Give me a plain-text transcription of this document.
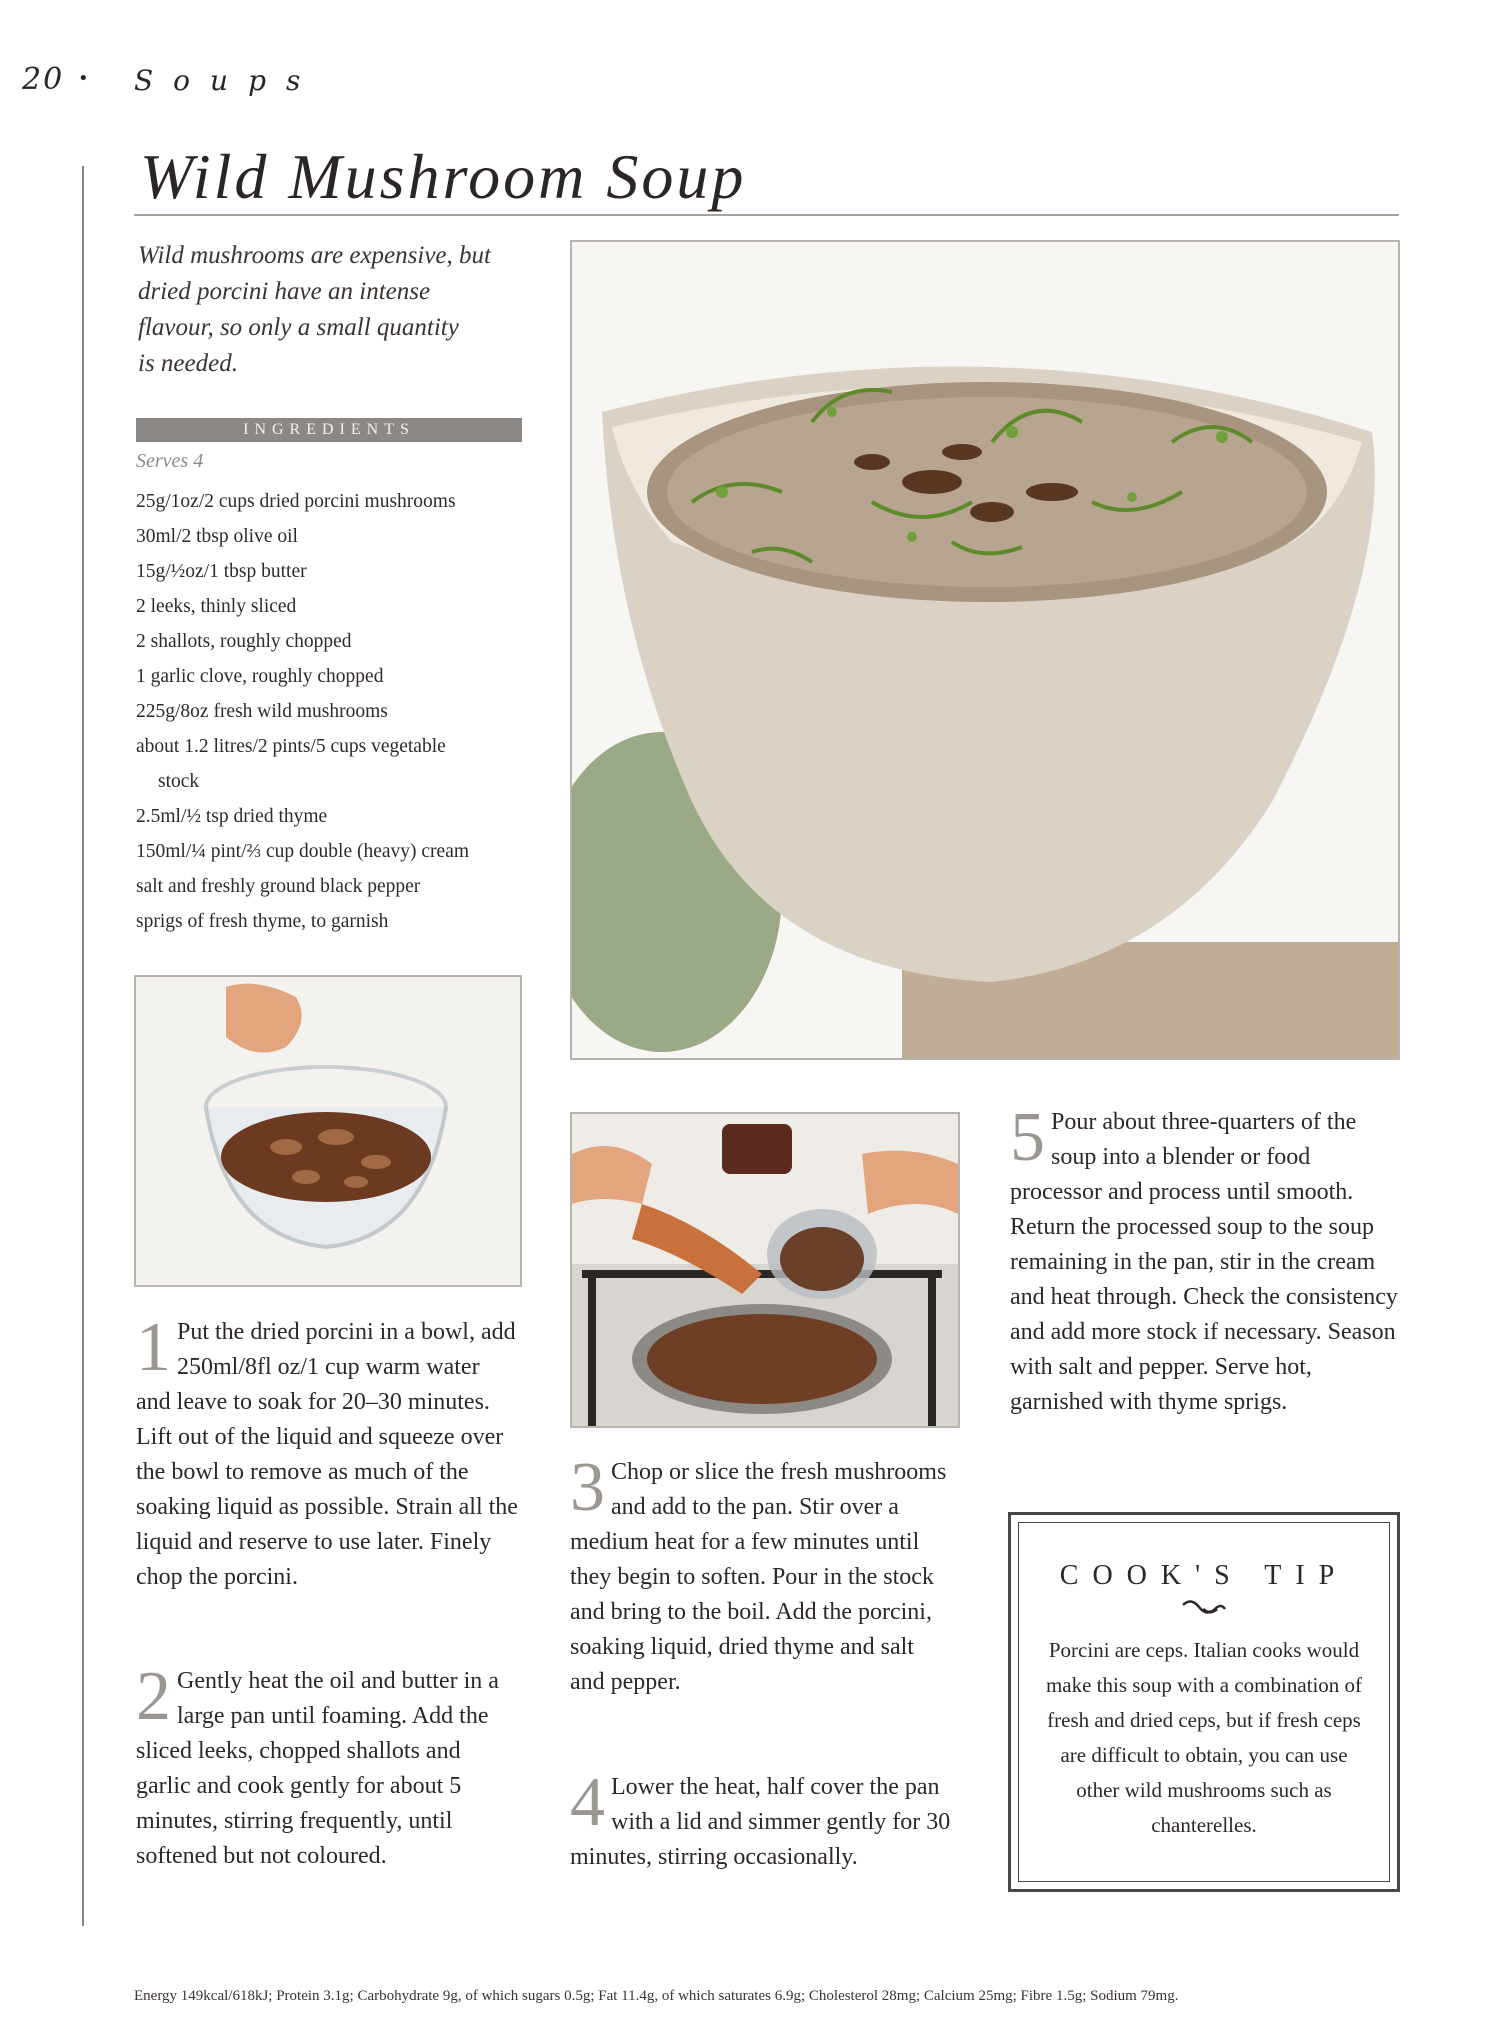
20 • Soups
Wild Mushroom Soup
Wild mushrooms are expensive, but
dried porcini have an intense
flavour, so only a small quantity
is needed.
INGREDIENTS
Serves 4
25g/1oz/2 cups dried porcini mushrooms
30ml/2 tbsp olive oil
15g/½oz/1 tbsp butter
2 leeks, thinly sliced
2 shallots, roughly chopped
1 garlic clove, roughly chopped
225g/8oz fresh wild mushrooms
about 1.2 litres/2 pints/5 cups vegetable
stock
2.5ml/½ tsp dried thyme
150ml/¼ pint/⅔ cup double (heavy) cream
salt and freshly ground black pepper
sprigs of fresh thyme, to garnish
1 Put the dried porcini in a bowl, add 250ml/8fl oz/1 cup warm water and leave to soak for 20–30 minutes. Lift out of the liquid and squeeze over the bowl to remove as much of the soaking liquid as possible. Strain all the liquid and reserve to use later. Finely chop the porcini.
2 Gently heat the oil and butter in a large pan until foaming. Add the sliced leeks, chopped shallots and garlic and cook gently for about 5 minutes, stirring frequently, until softened but not coloured.
3 Chop or slice the fresh mushrooms and add to the pan. Stir over a medium heat for a few minutes until they begin to soften. Pour in the stock and bring to the boil. Add the porcini, soaking liquid, dried thyme and salt and pepper.
4 Lower the heat, half cover the pan with a lid and simmer gently for 30 minutes, stirring occasionally.
5 Pour about three-quarters of the soup into a blender or food processor and process until smooth. Return the processed soup to the soup remaining in the pan, stir in the cream and heat through. Check the consistency and add more stock if necessary. Season with salt and pepper. Serve hot, garnished with thyme sprigs.
COOK'S TIP
Porcini are ceps. Italian cooks would make this soup with a combination of fresh and dried ceps, but if fresh ceps are difficult to obtain, you can use other wild mushrooms such as chanterelles.
Energy 149kcal/618kJ; Protein 3.1g; Carbohydrate 9g, of which sugars 0.5g; Fat 11.4g, of which saturates 6.9g; Cholesterol 28mg; Calcium 25mg; Fibre 1.5g; Sodium 79mg.
